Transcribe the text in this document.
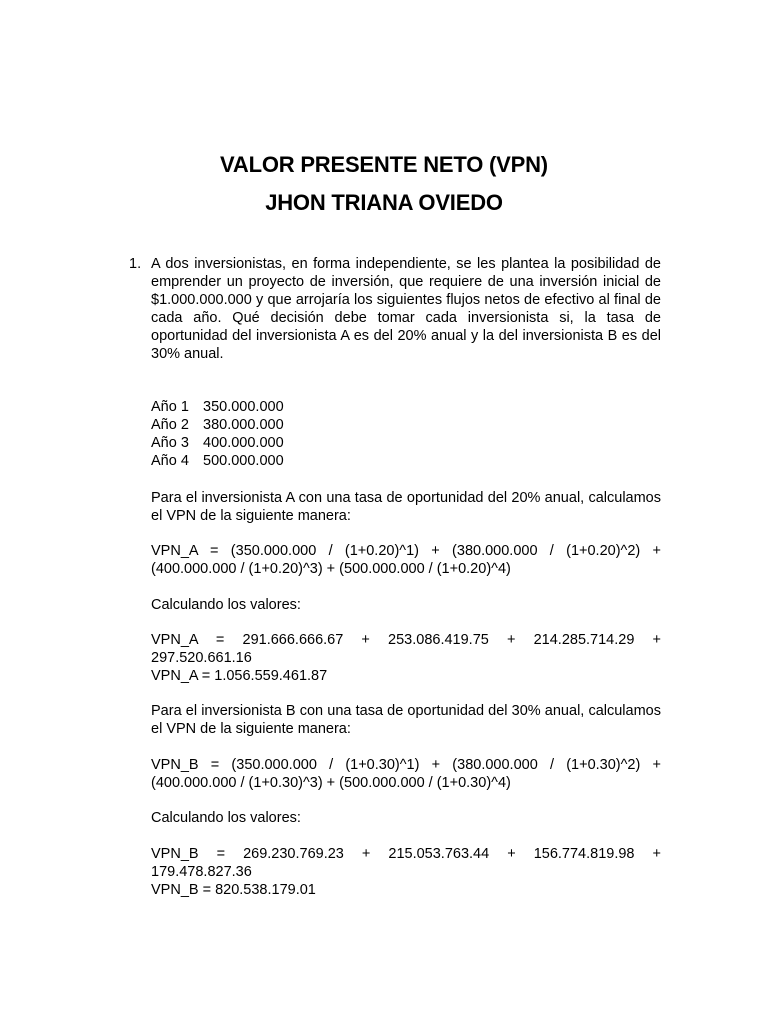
VALOR PRESENTE NETO (VPN)
JHON TRIANA OVIEDO
1. A dos inversionistas, en forma independiente, se les plantea la posibilidad de emprender un proyecto de inversión, que requiere de una inversión inicial de $1.000.000.000 y que arrojaría los siguientes flujos netos de efectivo al final de cada año. Qué decisión debe tomar cada inversionista si, la tasa de oportunidad del inversionista A es del 20% anual y la del inversionista B es del 30% anual.
Año 1 350.000.000
Año 2 380.000.000
Año 3 400.000.000
Año 4 500.000.000
Para el inversionista A con una tasa de oportunidad del 20% anual, calculamos el VPN de la siguiente manera:
VPN_A = (350.000.000 / (1+0.20)^1) + (380.000.000 / (1+0.20)^2) + (400.000.000 / (1+0.20)^3) + (500.000.000 / (1+0.20)^4)
Calculando los valores:
VPN_A = 291.666.666.67 + 253.086.419.75 + 214.285.714.29 + 297.520.661.16
VPN_A = 1.056.559.461.87
Para el inversionista B con una tasa de oportunidad del 30% anual, calculamos el VPN de la siguiente manera:
VPN_B = (350.000.000 / (1+0.30)^1) + (380.000.000 / (1+0.30)^2) + (400.000.000 / (1+0.30)^3) + (500.000.000 / (1+0.30)^4)
Calculando los valores:
VPN_B = 269.230.769.23 + 215.053.763.44 + 156.774.819.98 + 179.478.827.36
VPN_B = 820.538.179.01
